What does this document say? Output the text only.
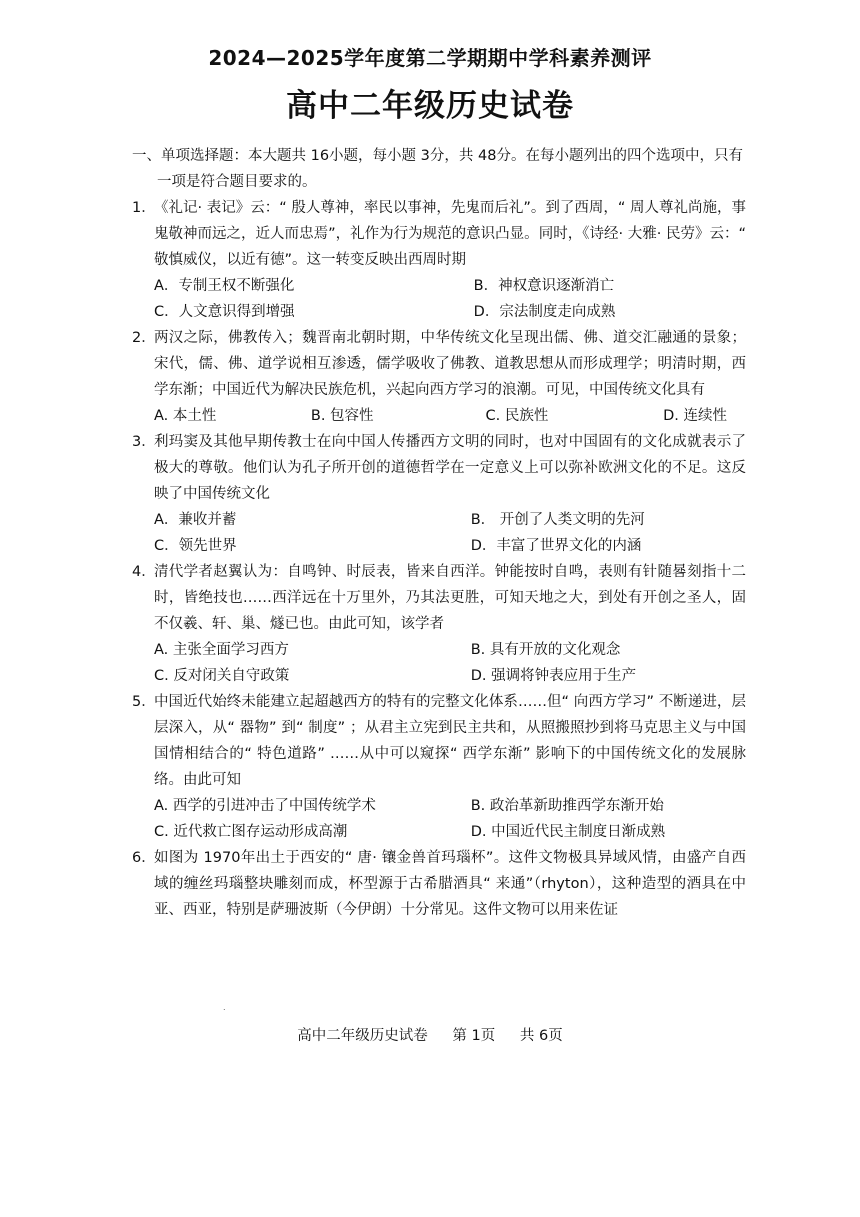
2024—2025学年度第二学期期中学科素养测评
高中二年级历史试卷
一、单项选择题：本大题共 16小题，每小题 3分，共 48分。在每小题列出的四个选项中，只有一项是符合题目要求的。
1．
《礼记· 表记》云：“ 殷人尊神，率民以事神，先鬼而后礼”。到了西周，“ 周人尊礼尚施，事鬼敬神而远之，近人而忠焉”，礼作为行为规范的意识凸显。同时，《诗经· 大雅· 民劳》云：“ 敬慎威仪，以近有德”。这一转变反映出西周时期
A．专制王权不断强化	B．神权意识逐渐消亡
C．人文意识得到增强	D．宗法制度走向成熟
2．
两汉之际，佛教传入；魏晋南北朝时期，中华传统文化呈现出儒、佛、道交汇融通的景象；宋代，儒、佛、道学说相互渗透，儒学吸收了佛教、道教思想从而形成理学；明清时期，西学东渐；中国近代为解决民族危机，兴起向西方学习的浪潮。可见，中国传统文化具有
A. 本土性	B. 包容性	C. 民族性	D. 连续性
3．
利玛窦及其他早期传教士在向中国人传播西方文明的同时，也对中国固有的文化成就表示了极大的尊敬。他们认为孔子所开创的道德哲学在一定意义上可以弥补欧洲文化的不足。这反映了中国传统文化
A．兼收并蓄	B． 开创了人类文明的先河
C．领先世界	D．丰富了世界文化的内涵
4．
清代学者赵翼认为：自鸣钟、时辰表，皆来自西洋。钟能按时自鸣，表则有针随晷刻指十二时，皆绝技也……西洋远在十万里外，乃其法更胜，可知天地之大，到处有开创之圣人，固不仅羲、轩、巢、燧已也。由此可知，该学者
A. 主张全面学习西方	B. 具有开放的文化观念
C. 反对闭关自守政策	D. 强调将钟表应用于生产
5．
中国近代始终未能建立起超越西方的特有的完整文化体系……但“ 向西方学习” 不断递进，层层深入，从“ 器物” 到“ 制度” ；从君主立宪到民主共和，从照搬照抄到将马克思主义与中国国情相结合的“ 特色道路” ……从中可以窥探“ 西学东渐” 影响下的中国传统文化的发展脉络。由此可知
A. 西学的引进冲击了中国传统学术	B. 政治革新助推西学东渐开始
C. 近代救亡图存运动形成高潮	D. 中国近代民主制度日渐成熟
6．
如图为 1970年出土于西安的“ 唐· 镶金兽首玛瑙杯”。这件文物极具异域风情，由盛产自西域的缠丝玛瑙整块雕刻而成，杯型源于古希腊酒具“ 来通”（rhyton），这种造型的酒具在中亚、西亚，特别是萨珊波斯（今伊朗）十分常见。这件文物可以用来佐证
.
高中二年级历史试卷 第 1页 共 6页
